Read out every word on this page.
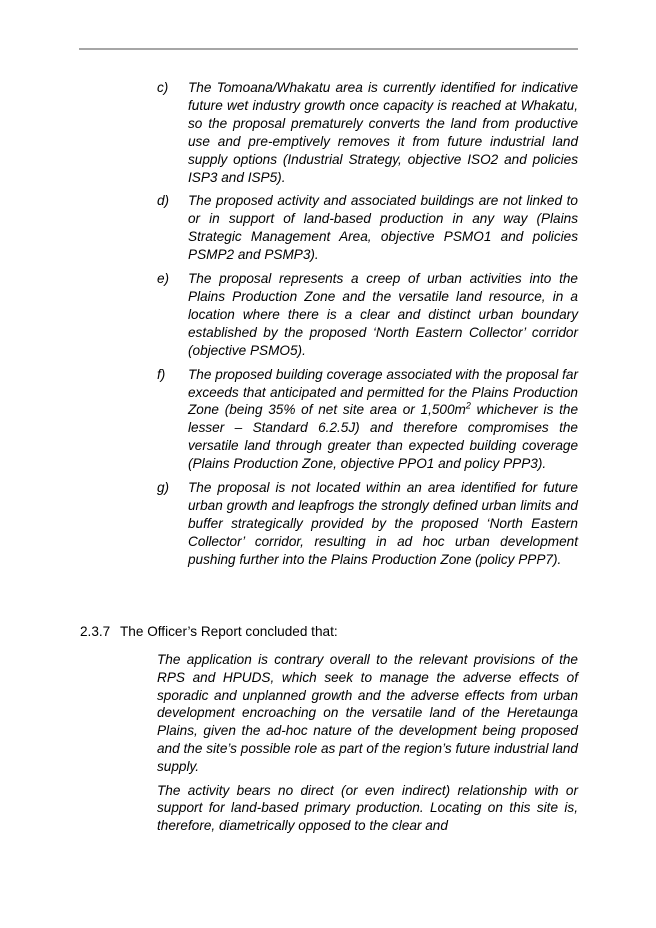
c) The Tomoana/Whakatu area is currently identified for indicative future wet industry growth once capacity is reached at Whakatu, so the proposal prematurely converts the land from productive use and pre-emptively removes it from future industrial land supply options (Industrial Strategy, objective ISO2 and policies ISP3 and ISP5).
d) The proposed activity and associated buildings are not linked to or in support of land-based production in any way (Plains Strategic Management Area, objective PSMO1 and policies PSMP2 and PSMP3).
e) The proposal represents a creep of urban activities into the Plains Production Zone and the versatile land resource, in a location where there is a clear and distinct urban boundary established by the proposed ‘North Eastern Collector’ corridor (objective PSMO5).
f) The proposed building coverage associated with the proposal far exceeds that anticipated and permitted for the Plains Production Zone (being 35% of net site area or $1,500m^2$ whichever is the lesser – Standard 6.2.5J) and therefore compromises the versatile land through greater than expected building coverage (Plains Production Zone, objective PPO1 and policy PPP3).
g) The proposal is not located within an area identified for future urban growth and leapfrogs the strongly defined urban limits and buffer strategically provided by the proposed ‘North Eastern Collector’ corridor, resulting in ad hoc urban development pushing further into the Plains Production Zone (policy PPP7).
2.3.7 The Officer’s Report concluded that:

The application is contrary overall to the relevant provisions of the RPS and HPUDS, which seek to manage the adverse effects of sporadic and unplanned growth and the adverse effects from urban development encroaching on the versatile land of the Heretaunga Plains, given the ad-hoc nature of the development being proposed and the site’s possible role as part of the region’s future industrial land supply.

The activity bears no direct (or even indirect) relationship with or support for land-based primary production. Locating on this site is, therefore, diametrically opposed to the clear and
